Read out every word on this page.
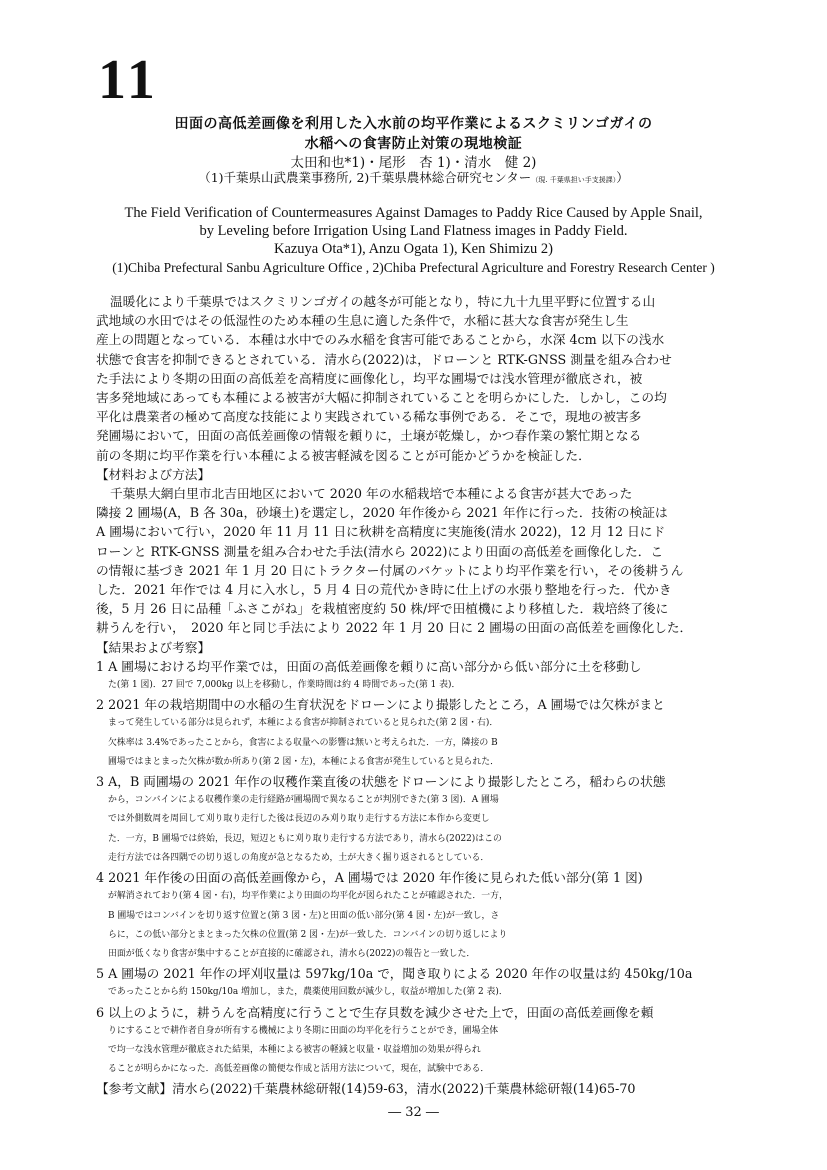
11
田面の高低差画像を利用した入水前の均平作業によるスクミリンゴガイの
水稲への食害防止対策の現地検証
太田和也*1)・尾形　杏 1)・清水　健 2)
（1)千葉県山武農業事務所, 2)千葉県農林総合研究センター（現. 千葉県担い手支援課））
The Field Verification of Countermeasures Against Damages to Paddy Rice Caused by Apple Snail,
by Leveling before Irrigation Using Land Flatness images in Paddy Field.
Kazuya Ota*1), Anzu Ogata 1), Ken Shimizu 2)
(1)Chiba Prefectural Sanbu Agriculture Office , 2)Chiba Prefectural Agriculture and Forestry Research Center )

温暖化により千葉県ではスクミリンゴガイの越冬が可能となり，特に九十九里平野に位置する山

武地域の水田ではその低湿性のため本種の生息に適した条件で，水稲に甚大な食害が発生し生

産上の問題となっている．本種は水中でのみ水稲を食害可能であることから，水深 4cm 以下の浅水

状態で食害を抑制できるとされている．清水ら(2022)は，ドローンと RTK-GNSS 測量を組み合わせ

た手法により冬期の田面の高低差を高精度に画像化し，均平な圃場では浅水管理が徹底され，被

害多発地域にあっても本種による被害が大幅に抑制されていることを明らかにした．しかし，この均

平化は農業者の極めて高度な技能により実践されている稀な事例である．そこで，現地の被害多

発圃場において，田面の高低差画像の情報を頼りに，土壌が乾燥し，かつ春作業の繁忙期となる

前の冬期に均平作業を行い本種による被害軽減を図ることが可能かどうかを検証した．

【材料および方法】

千葉県大網白里市北吉田地区において 2020 年の水稲栽培で本種による食害が甚大であった

隣接 2 圃場(A，B 各 30a，砂壌土)を選定し，2020 年作後から 2021 年作に行った．技術の検証は

A 圃場において行い，2020 年 11 月 11 日に秋耕を高精度に実施後(清水 2022)，12 月 12 日にド

ローンと RTK-GNSS 測量を組み合わせた手法(清水ら 2022)により田面の高低差を画像化した．こ

の情報に基づき 2021 年 1 月 20 日にトラクター付属のバケットにより均平作業を行い，その後耕うん

した．2021 年作では 4 月に入水し，5 月 4 日の荒代かき時に仕上げの水張り整地を行った．代かき

後，5 月 26 日に品種「ふさこがね」を栽植密度約 50 株/坪で田植機により移植した．栽培終了後に

耕うんを行い，　2020 年と同じ手法により 2022 年 1 月 20 日に 2 圃場の田面の高低差を画像化した．

【結果および考察】

1 A 圃場における均平作業では，田面の高低差画像を頼りに高い部分から低い部分に土を移動し

た(第 1 図)．27 回で 7,000kg 以上を移動し，作業時間は約 4 時間であった(第 1 表)．

2 2021 年の栽培期間中の水稲の生育状況をドローンにより撮影したところ，A 圃場では欠株がまと

まって発生している部分は見られず，本種による食害が抑制されていると見られた(第 2 図・右)．

欠株率は 3.4%であったことから，食害による収量への影響は無いと考えられた．一方，隣接の B

圃場ではまとまった欠株が数か所あり(第 2 図・左)，本種による食害が発生していると見られた．

3 A，B 両圃場の 2021 年作の収穫作業直後の状態をドローンにより撮影したところ，稲わらの状態

から，コンバインによる収穫作業の走行経路が圃場間で異なることが判別できた(第 3 図)．A 圃場

では外側数周を周回して刈り取り走行した後は長辺のみ刈り取り走行する方法に本作から変更し

た．一方，B 圃場では終始，長辺，短辺ともに刈り取り走行する方法であり，清水ら(2022)はこの

走行方法では各四隅での切り返しの角度が急となるため，土が大きく掘り返されるとしている．

4 2021 年作後の田面の高低差画像から，A 圃場では 2020 年作後に見られた低い部分(第 1 図)

が解消されており(第 4 図・右)，均平作業により田面の均平化が図られたことが確認された．一方，

B 圃場ではコンバインを切り返す位置と(第 3 図・左)と田面の低い部分(第 4 図・左)が一致し，さ

らに，この低い部分とまとまった欠株の位置(第 2 図・左)が一致した．コンバインの切り返しにより

田面が低くなり食害が集中することが直接的に確認され，清水ら(2022)の報告と一致した．

5 A 圃場の 2021 年作の坪刈収量は 597kg/10a で，聞き取りによる 2020 年作の収量は約 450kg/10a

であったことから約 150kg/10a 増加し，また，農薬使用回数が減少し，収益が増加した(第 2 表)．

6 以上のように，耕うんを高精度に行うことで生存貝数を減少させた上で，田面の高低差画像を頼

りにすることで耕作者自身が所有する機械により冬期に田面の均平化を行うことができ，圃場全体

で均一な浅水管理が徹底された結果，本種による被害の軽減と収量・収益増加の効果が得られ

ることが明らかになった．高低差画像の簡便な作成と活用方法について，現在，試験中である．

【参考文献】清水ら(2022)千葉農林総研報(14)59-63，清水(2022)千葉農林総研報(14)65-70

― 32 ―
